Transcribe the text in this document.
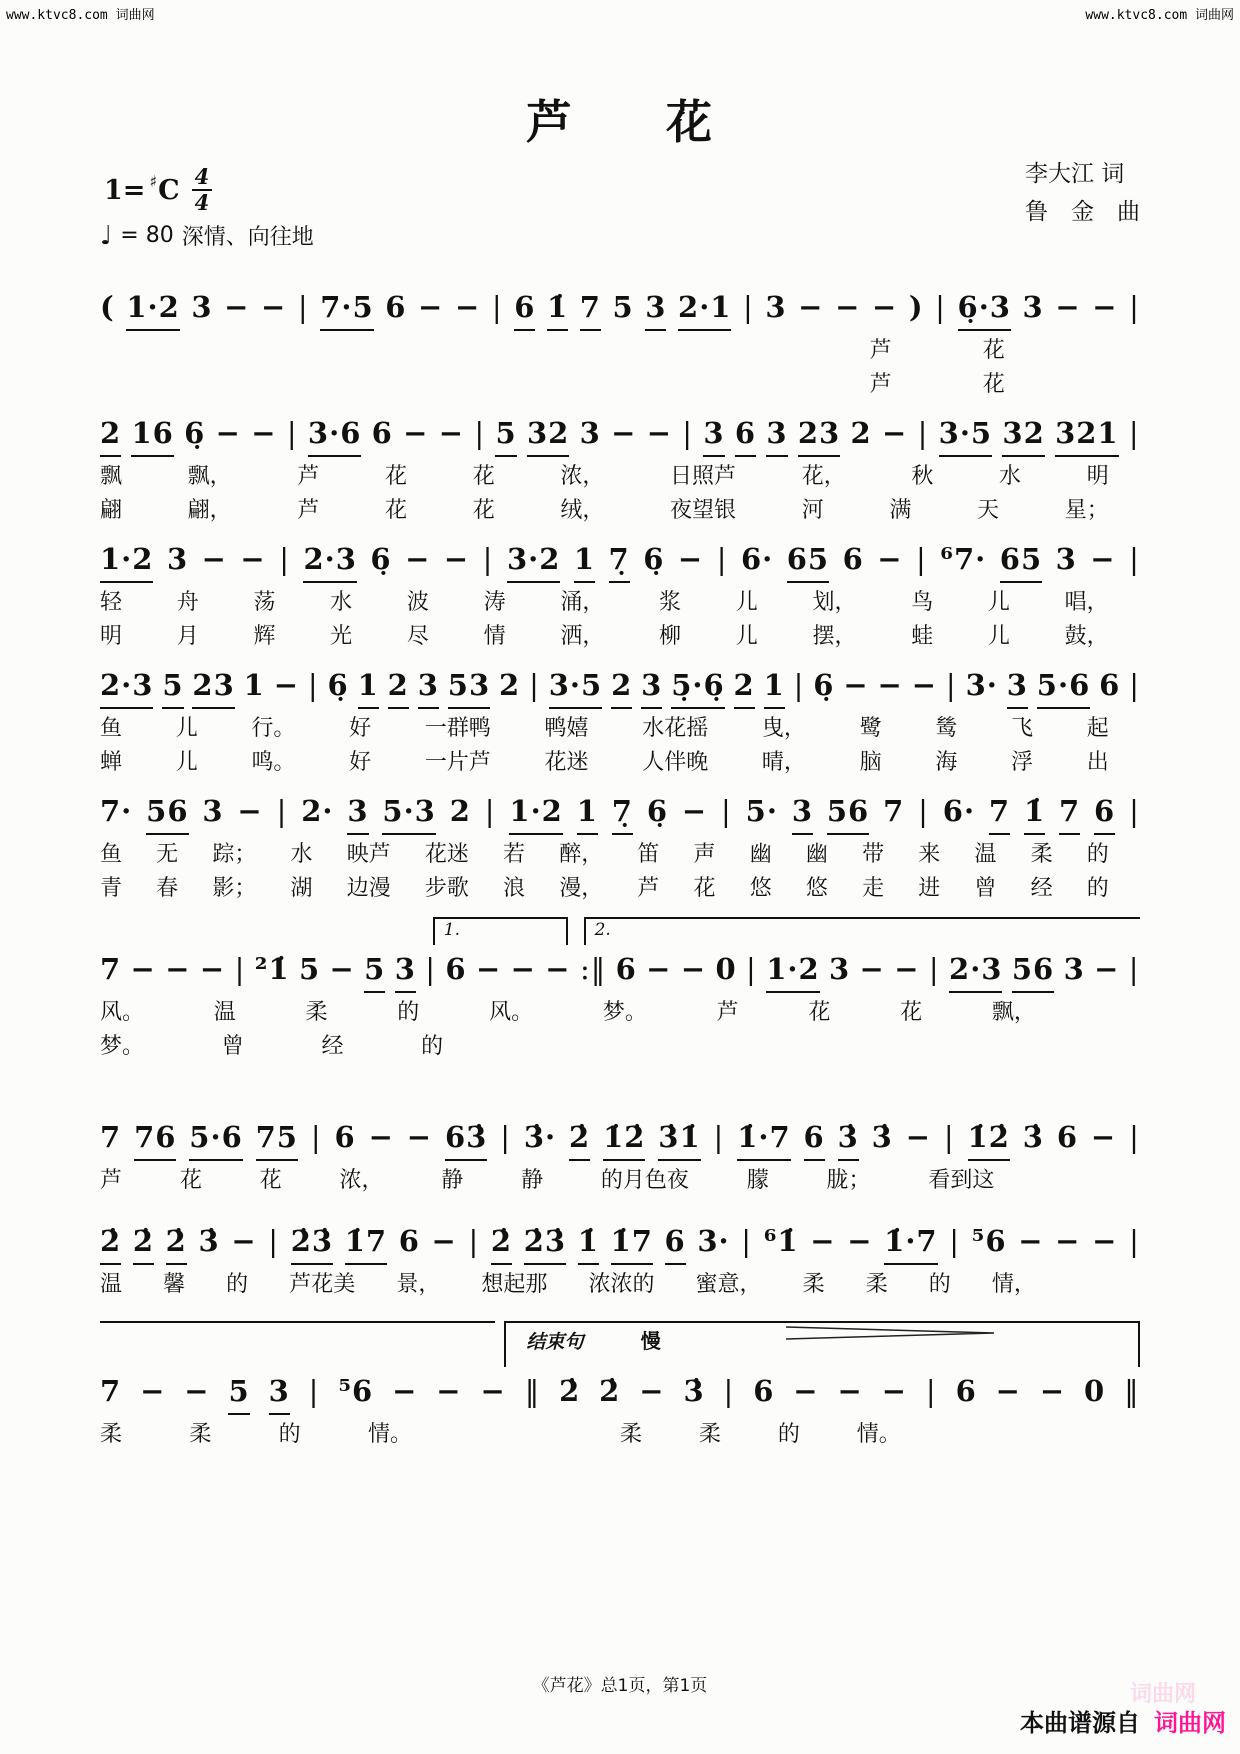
www.ktvc8.com 词曲网	www.ktvc8.com 词曲网
芦 花
李大江 词
鲁　金　曲
1= ♯ C $\frac{4}{4}$
♩ = 80 深情、向往地
( 1·2 3 − − | 7·5 6 − − | 6 1̇ 7 5 3 2·1 | 3 − − − ) | 6̣·3 3 − − |
芦	花
芦	花
2 16 6̣ − − | 3·6 6 − − | 5 32 3 − − | 3 6 3 23 2 − | 3·5 32 321 |
飘	飘，	芦	花	花	浓，	日照芦	花，	秋	水	明
翩	翩，	芦	花	花	绒，	夜望银	河	满	天	星；
1·2 3 − − | 2·3 6̣ − − | 3·2 1 7̣ 6̣ − | 6· 65 6 − | ⁶7· 65 3 − |
轻 舟 荡 水 波 涛 涌， 浆 儿 划， 鸟 儿 唱，
明 月 辉 光 尽 情 洒， 柳 儿 摆， 蛙 儿 鼓，
2·3 5 23 1 − | 6̣ 1 2 3 53 2 | 3·5 2 3 5̣·6̣ 2 1 | 6̣ − − − | 3· 3 5·6 6 |
鱼 儿 行。 好 一群鸭 鸭嬉 水花摇 曳， 鹭 鸶 飞 起
蝉 儿 鸣。 好 一片芦 花迷 人伴晚 晴， 脑 海 浮 出
7· 56 3 − | 2· 3 5·3 2 | 1·2 1 7̣ 6̣ − | 5· 3 56 7 | 6· 7 1̇ 7 6 |
鱼 无 踪； 水 映芦 花迷 若 醉， 笛 声 幽 幽 带 来 温 柔 的
青 春 影； 湖 边漫 步歌 浪 漫， 芦 花 悠 悠 走 进 曾 经 的
1.	2.
7 − − − | ²1̇ 5 − 5 3 | 6 − − − :‖ 6 − − 0 | 1·2 3 − − | 2·3 56 3 − |
风。	温	柔	的	风。	梦。	芦	花	花	飘，
梦。	曾	经	的
7 76 5·6 75 | 6 − − 63̇ | 3̇· 2̇ 1̇2̇ 3̇1̇ | 1̇·7 6 3̇ 3̇ − | 1̇2̇ 3̇ 6 − |
芦	花	花	浓，	静	静	的月色夜	朦	胧；	看到这
2̇ 2̇ 2̇ 3̇ − | 2̇3̇ 1̇7 6 − | 2̇ 2̇3̇ 1̇ 1̇7 6 3· | ⁶1̇ − − 1̇·7 | ⁵6 − − − |
温 馨 的 芦花美 景， 想起那 浓浓的 蜜意， 柔 柔 的 情，
结束句	慢
7 − − 5 3 | ⁵6 − − − ‖ 2̇ 2̇ − 3̇ | 6 − − − | 6 − − 0 ‖
柔	柔	的	情。	柔	柔	的	情。
《芦花》总1页，第1页	词曲网
本曲谱源自 词曲网
